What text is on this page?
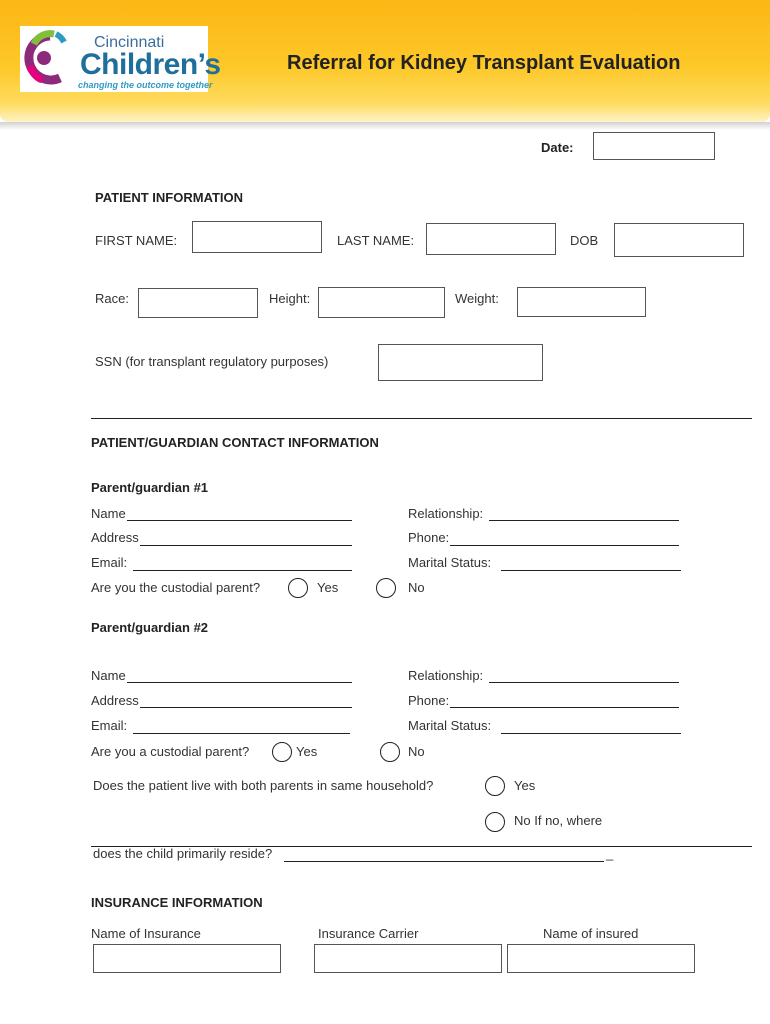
Cincinnati
Children’s
changing the outcome together
Referral for Kidney Transplant Evaluation
Date:
PATIENT INFORMATION
FIRST NAME:	LAST NAME:	DOB
Race:	Height:	Weight:
SSN (for transplant regulatory purposes)
PATIENT/GUARDIAN CONTACT INFORMATION
Parent/guardian #1
Name	Relationship:
Address	Phone:
Email:	Marital Status:
Are you the custodial parent?	Yes	No
Parent/guardian #2
Name	Relationship:
Address	Phone:
Email:	Marital Status:
Are you a custodial parent?	Yes	No
Does the patient live with both parents in same household?	Yes
No If no, where
does the child primarily reside?	_
INSURANCE INFORMATION
Name of Insurance	Insurance Carrier	Name of insured
